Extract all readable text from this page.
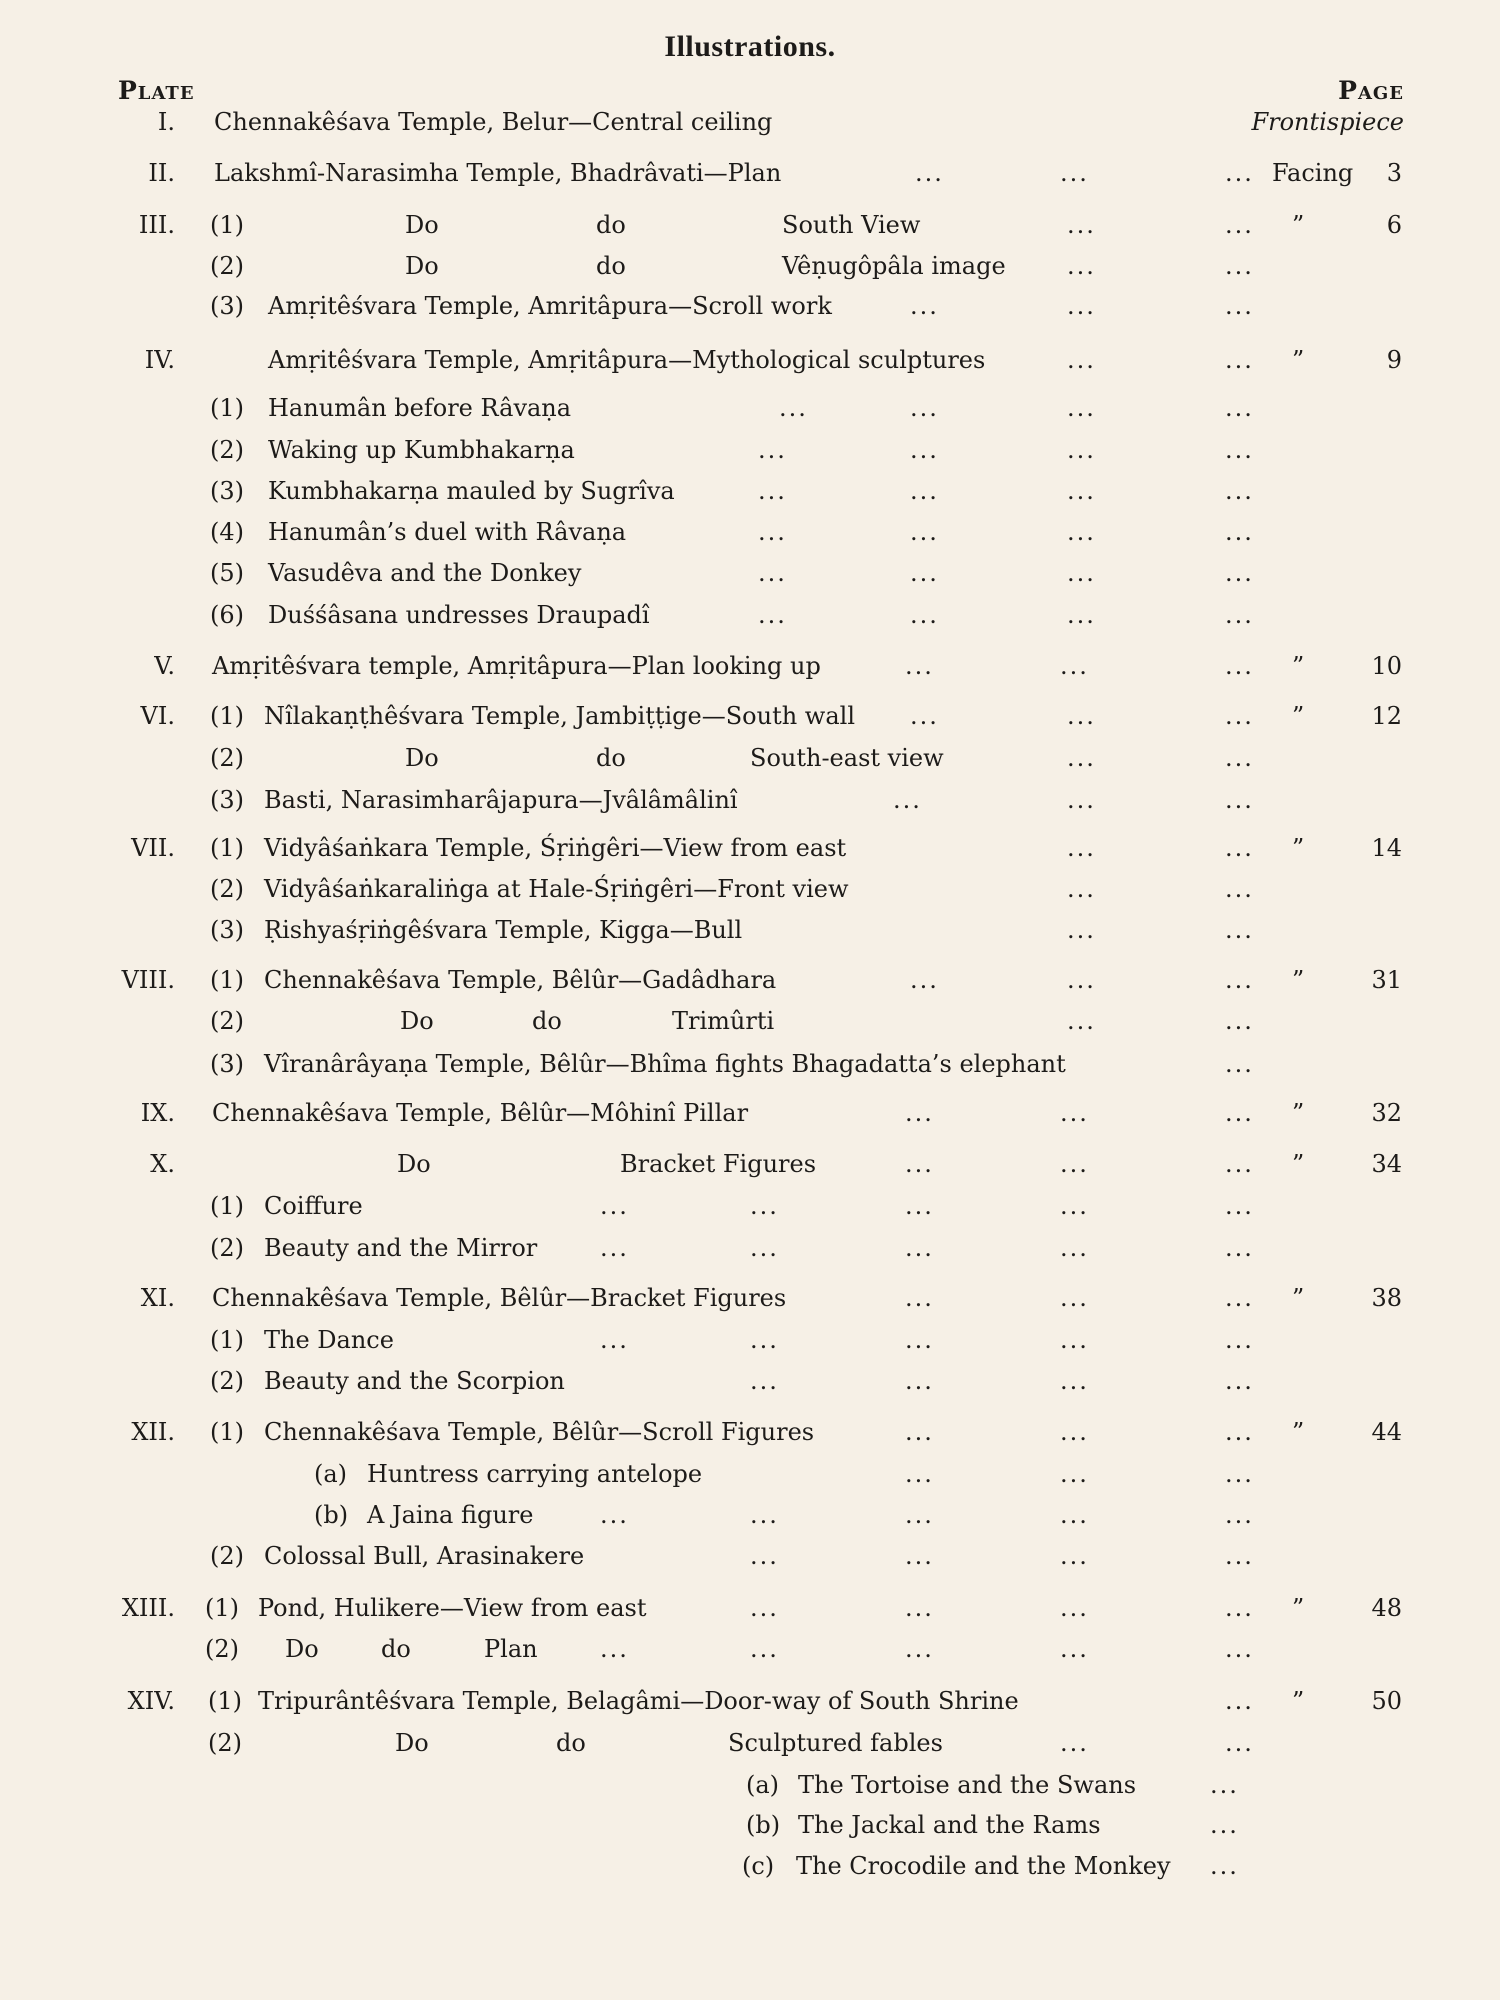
Illustrations.
Plate	Page
I. Chennakêśava Temple, Belur—Central ceiling	Frontispiece
II. Lakshmî-Narasimha Temple, Bhadrâvati—Plan	...	...	... Facing 3
III. (1)	Do	do	South View	...	... ”	6
(2)	Do	do	Vêṇugôpâla image	...	...
(3) Amṛitêśvara Temple, Amritâpura—Scroll work	...	...	...
IV.	Amṛitêśvara Temple, Amṛitâpura—Mythological sculptures	...	... ”	9
(1) Hanumân before Râvaṇa	...	...	...	...
(2) Waking up Kumbhakarṇa	...	...	...	...
(3) Kumbhakarṇa mauled by Sugrîva	...	...	...	...
(4) Hanumân’s duel with Râvaṇa	...	...	...	...
(5) Vasudêva and the Donkey	...	...	...	...
(6) Duśśâsana undresses Draupadî	...	...	...	...
V. Amṛitêśvara temple, Amṛitâpura—Plan looking up	...	...	... ”	10
VI. (1) Nîlakaṇṭhêśvara Temple, Jambiṭṭige—South wall ...	...	... ”	12
(2)	Do	do	South-east view	...	...
(3) Basti, Narasimharâjapura—Jvâlâmâlinî	...	...	...
VII. (1) Vidyâśaṅkara Temple, Śṛiṅgêri—View from east	...	... ”	14
(2) Vidyâśaṅkaraliṅga at Hale-Śṛiṅgêri—Front view	...	...
(3) Ṛishyaśṛiṅgêśvara Temple, Kigga—Bull	...	...
VIII. (1) Chennakêśava Temple, Bêlûr—Gadâdhara	...	...	... ”	31
(2)	Do	do	Trimûrti	...	...
(3) Vîranârâyaṇa Temple, Bêlûr—Bhîma fights Bhagadatta’s elephant	...
IX. Chennakêśava Temple, Bêlûr—Môhinî Pillar	...	...	... ”	32
X.	Do	Bracket Figures	...	...	... ”	34
(1) Coiffure	...	...	...	...	...
(2) Beauty and the Mirror	...	...	...	...	...
XI. Chennakêśava Temple, Bêlûr—Bracket Figures	...	...	... ”	38
(1) The Dance	...	...	...	...	...
(2) Beauty and the Scorpion	...	...	...	...
XII. (1) Chennakêśava Temple, Bêlûr—Scroll Figures	...	...	... ”	44
(a) Huntress carrying antelope	...	...	...
(b) A Jaina figure	...	...	...	...	...
(2) Colossal Bull, Arasinakere	...	...	...	...
XIII. (1) Pond, Hulikere—View from east	...	...	...	... ”	48
(2) Do	do	Plan	...	...	...	...	...
XIV. (1) Tripurântêśvara Temple, Belagâmi—Door-way of South Shrine	... ”	50
(2)	Do	do	Sculptured fables	...	...
(a) The Tortoise and the Swans	...
(b) The Jackal and the Rams	...
(c) The Crocodile and the Monkey ...
